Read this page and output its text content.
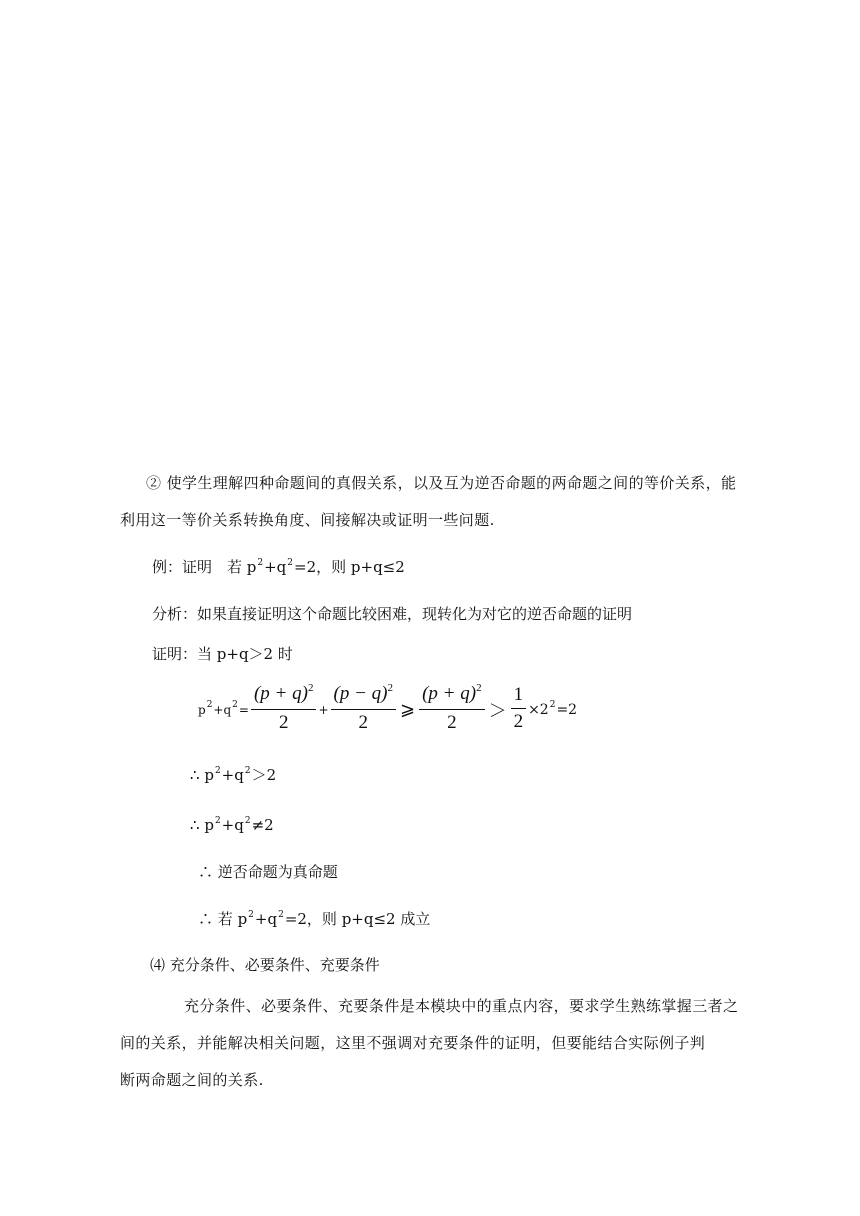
② 使学生理解四种命题间的真假关系，以及互为逆否命题的两命题之间的等价关系，能
利用这一等价关系转换角度、间接解决或证明一些问题.
例：证明　若 $p^2+q^2=2$，则 p+q≤2
分析：如果直接证明这个命题比较困难，现转化为对它的逆否命题的证明
证明：当 p+q＞2 时
$p^2+q^2= \frac{(p + q)^2}{2} + \frac{(p - q)^2}{2}$ ⩾ $\frac{(p + q)^2}{2} > \frac{1}{2} \times 2^2=2$
∴ $p^2+q^2>2$
∴ $p^2+q^2\ne 2$
∴ 逆否命题为真命题
∴ 若 $p^2+q^2=2$，则 p+q≤2 成立
⑷ 充分条件、必要条件、充要条件
充分条件、必要条件、充要条件是本模块中的重点内容，要求学生熟练掌握三者之
间的关系，并能解决相关问题，这里不强调对充要条件的证明，但要能结合实际例子判
断两命题之间的关系.
